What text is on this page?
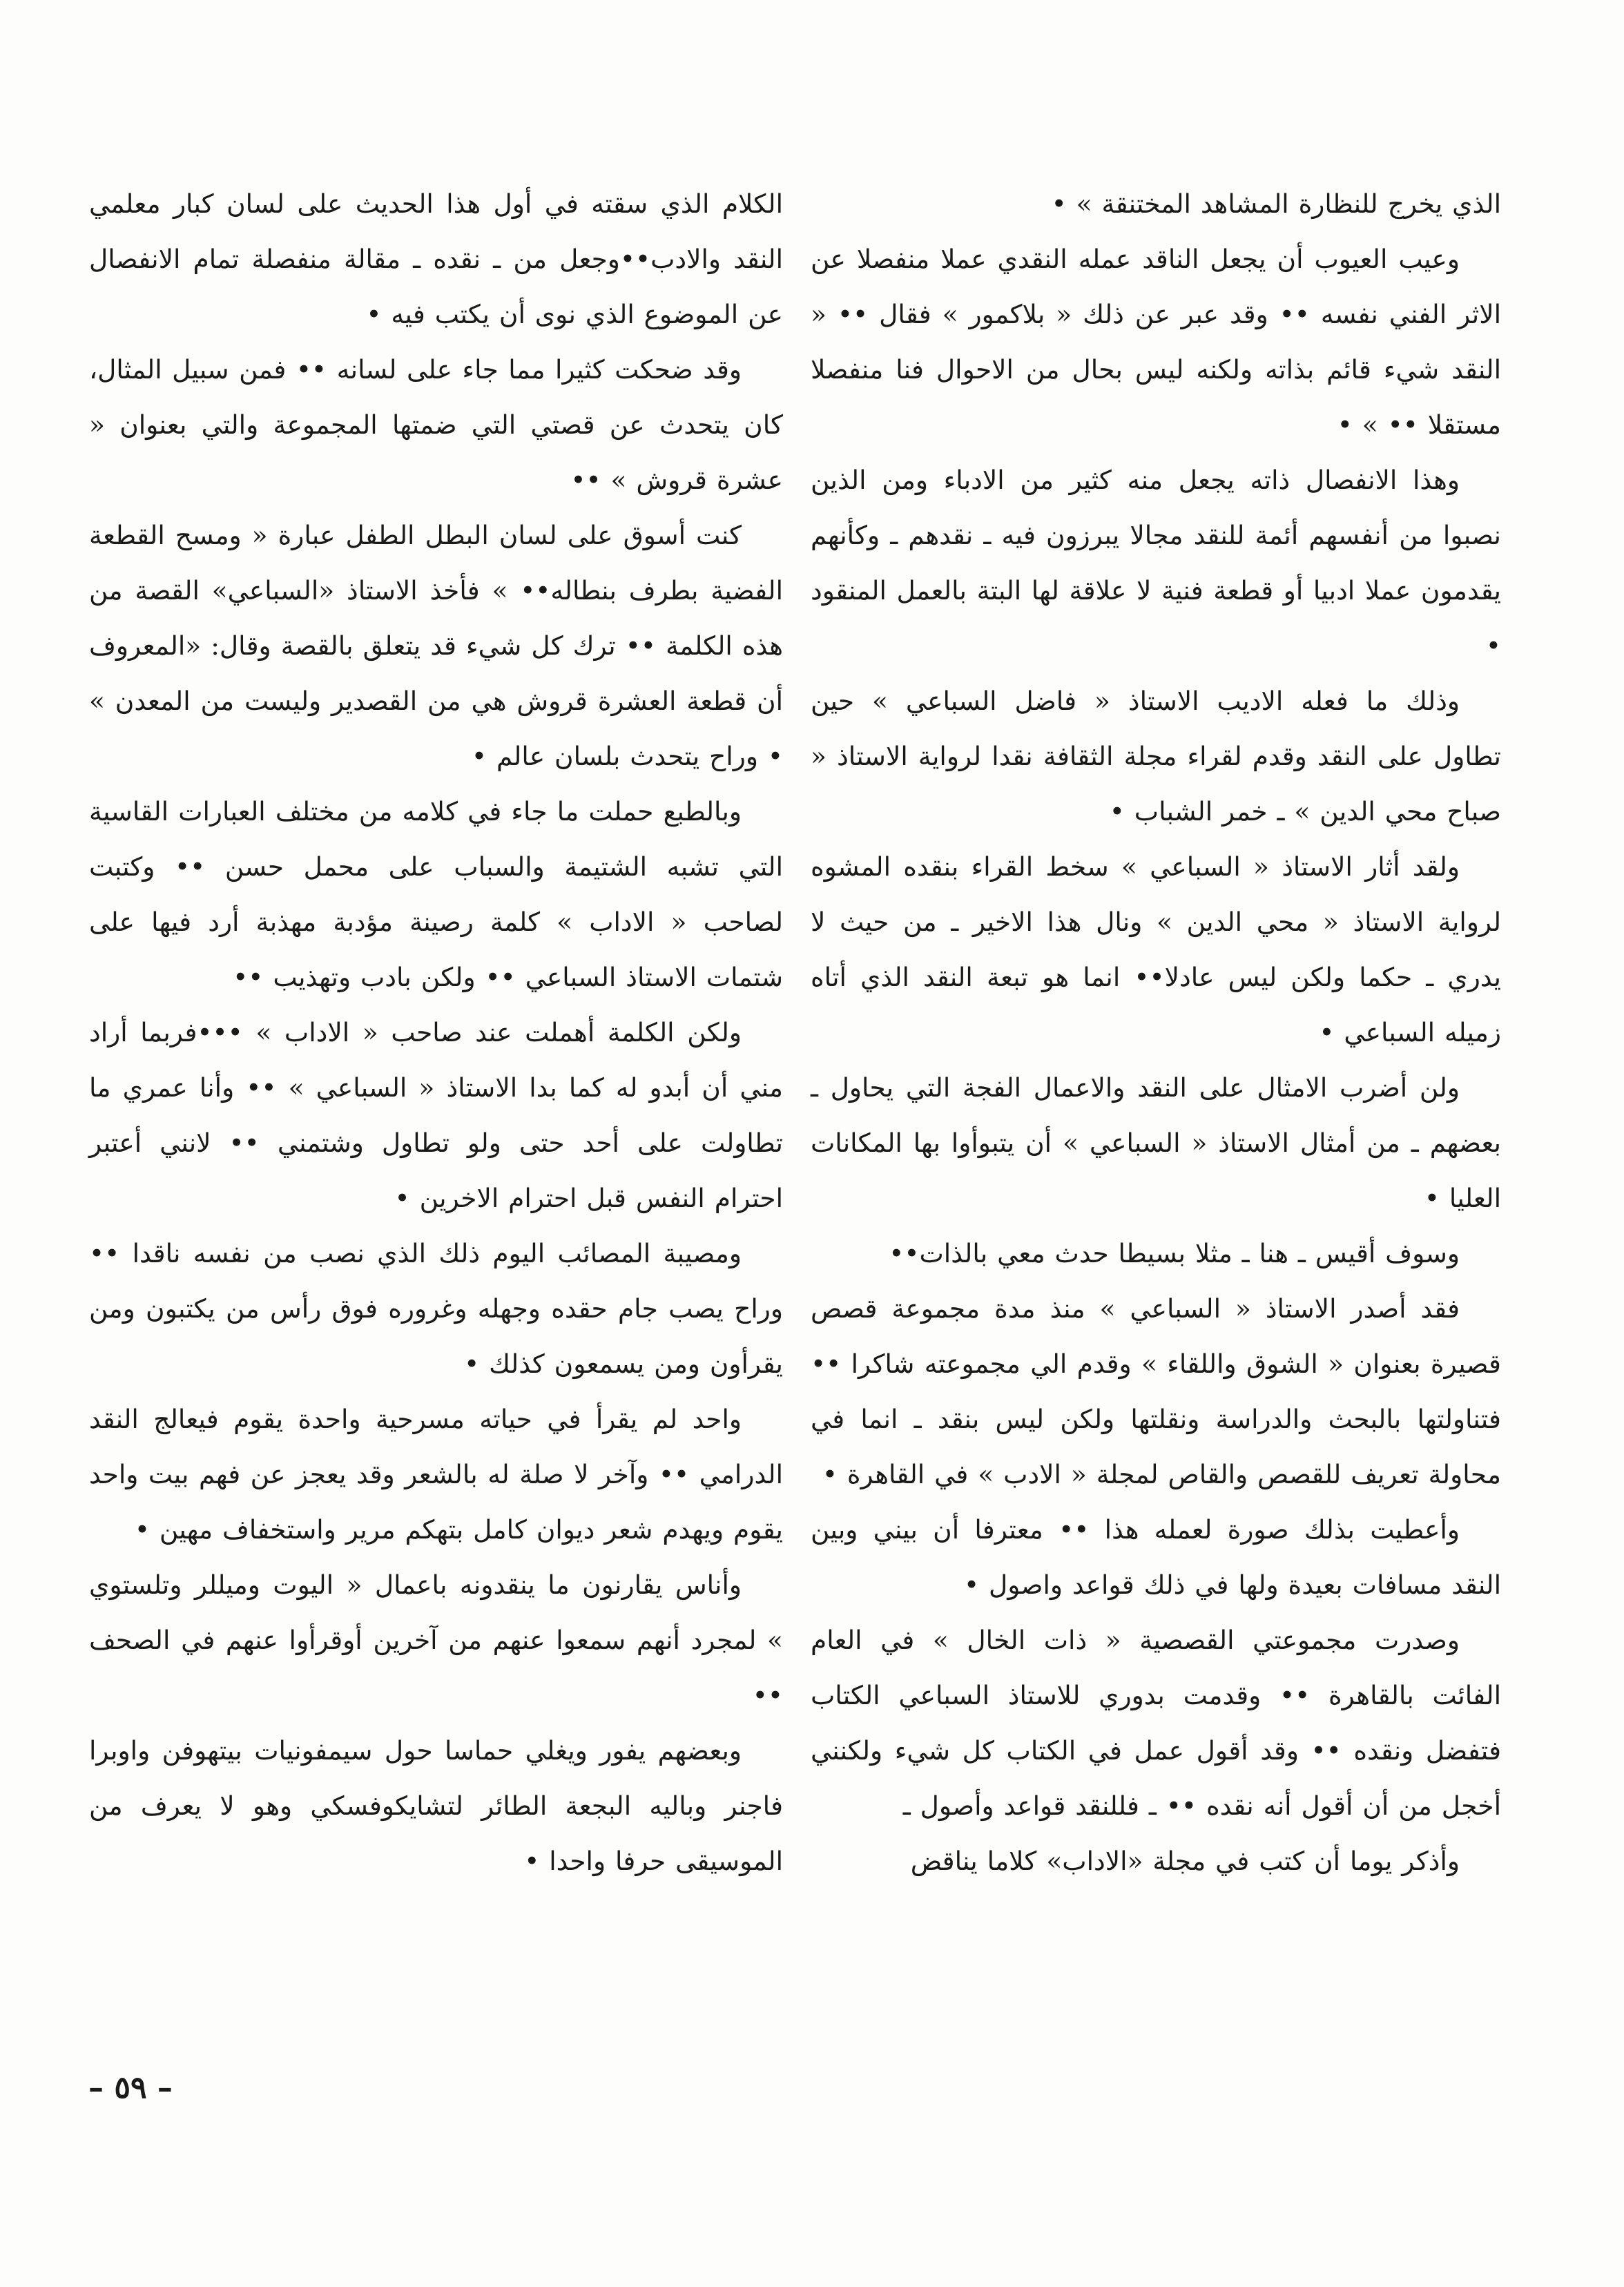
الذي يخرج للنظارة المشاهد المختنقة » •

وعيب العيوب أن يجعل الناقد عمله النقدي عملا منفصلا عن الاثر الفني نفسه •• وقد عبر عن ذلك « بلاكمور » فقال •• « النقد شيء قائم بذاته ولكنه ليس بحال من الاحوال فنا منفصلا مستقلا •• » •

وهذا الانفصال ذاته يجعل منه كثير من الادباء ومن الذين نصبوا من أنفسهم أئمة للنقد مجالا يبرزون فيه ـ نقدهم ـ وكأنهم يقدمون عملا ادبيا أو قطعة فنية لا علاقة لها البتة بالعمل المنقود •

وذلك ما فعله الاديب الاستاذ « فاضل السباعي » حين تطاول على النقد وقدم لقراء مجلة الثقافة نقدا لرواية الاستاذ « صباح محي الدين » ـ خمر الشباب •

ولقد أثار الاستاذ « السباعي » سخط القراء بنقده المشوه لرواية الاستاذ « محي الدين » ونال هذا الاخير ـ من حيث لا يدري ـ حكما ولكن ليس عادلا•• انما هو تبعة النقد الذي أتاه زميله السباعي •

ولن أضرب الامثال على النقد والاعمال الفجة التي يحاول ـ بعضهم ـ من أمثال الاستاذ « السباعي » أن يتبوأوا بها المكانات العليا •

وسوف أقيس ـ هنا ـ مثلا بسيطا حدث معي بالذات••

فقد أصدر الاستاذ « السباعي » منذ مدة مجموعة قصص قصيرة بعنوان « الشوق واللقاء » وقدم الي مجموعته شاكرا •• فتناولتها بالبحث والدراسة ونقلتها ولكن ليس بنقد ـ انما في محاولة تعريف للقصص والقاص لمجلة « الادب » في القاهرة •

وأعطيت بذلك صورة لعمله هذا •• معترفا أن بيني وبين النقد مسافات بعيدة ولها في ذلك قواعد واصول •

وصدرت مجموعتي القصصية « ذات الخال » في العام الفائت بالقاهرة •• وقدمت بدوري للاستاذ السباعي الكتاب فتفضل ونقده •• وقد أقول عمل في الكتاب كل شيء ولكنني أخجل من أن أقول أنه نقده •• ـ فللنقد قواعد وأصول ـ

وأذكر يوما أن كتب في مجلة «الاداب» كلاما يناقض

الكلام الذي سقته في أول هذا الحديث على لسان كبار معلمي النقد والادب••وجعل من ـ نقده ـ مقالة منفصلة تمام الانفصال عن الموضوع الذي نوى أن يكتب فيه •

وقد ضحكت كثيرا مما جاء على لسانه •• فمن سبيل المثال، كان يتحدث عن قصتي التي ضمتها المجموعة والتي بعنوان « عشرة قروش » ••

كنت أسوق على لسان البطل الطفل عبارة « ومسح القطعة الفضية بطرف بنطاله•• » فأخذ الاستاذ «السباعي» القصة من هذه الكلمة •• ترك كل شيء قد يتعلق بالقصة وقال: «المعروف أن قطعة العشرة قروش هي من القصدير وليست من المعدن » • وراح يتحدث بلسان عالم •

وبالطبع حملت ما جاء في كلامه من مختلف العبارات القاسية التي تشبه الشتيمة والسباب على محمل حسن •• وكتبت لصاحب « الاداب » كلمة رصينة مؤدبة مهذبة أرد فيها على شتمات الاستاذ السباعي •• ولكن بادب وتهذيب ••

ولكن الكلمة أهملت عند صاحب « الاداب » •••فربما أراد مني أن أبدو له كما بدا الاستاذ « السباعي » •• وأنا عمري ما تطاولت على أحد حتى ولو تطاول وشتمني •• لانني أعتبر احترام النفس قبل احترام الاخرين •

ومصيبة المصائب اليوم ذلك الذي نصب من نفسه ناقدا •• وراح يصب جام حقده وجهله وغروره فوق رأس من يكتبون ومن يقرأون ومن يسمعون كذلك •

واحد لم يقرأ في حياته مسرحية واحدة يقوم فيعالج النقد الدرامي •• وآخر لا صلة له بالشعر وقد يعجز عن فهم بيت واحد يقوم ويهدم شعر ديوان كامل بتهكم مرير واستخفاف مهين •

وأناس يقارنون ما ينقدونه باعمال « اليوت وميللر وتلستوي » لمجرد أنهم سمعوا عنهم من آخرين أوقرأوا عنهم في الصحف ••

وبعضهم يفور ويغلي حماسا حول سيمفونيات بيتهوفن واوبرا فاجنر وباليه البجعة الطائر لتشايكوفسكي وهو لا يعرف من الموسيقى حرفا واحدا •

– ٥٩ –
